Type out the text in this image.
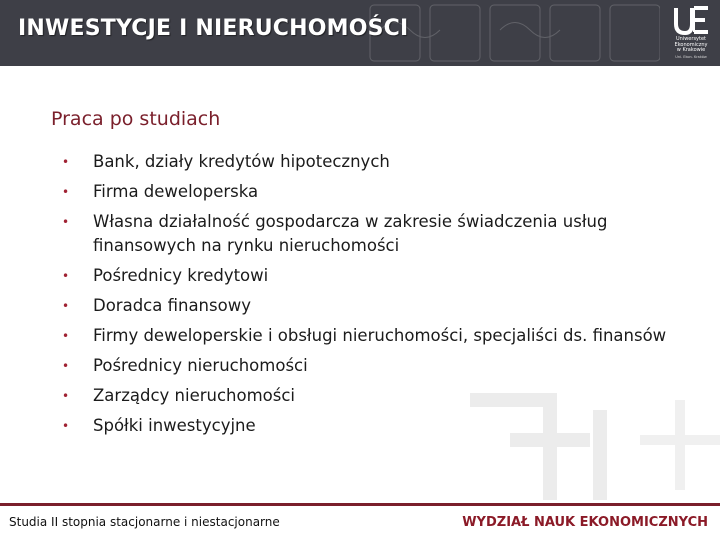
INWESTYCJE I NIERUCHOMOŚCI	Uniwersytet
Ekonomiczny
w Krakowie
Uni. Ekon. Kraków
Praca po studiach
• Bank, działy kredytów hipotecznych
• Firma deweloperska
• Własna działalność gospodarcza w zakresie świadczenia usług finansowych na rynku nieruchomości
• Pośrednicy kredytowi
• Doradca finansowy
• Firmy deweloperskie i obsługi nieruchomości, specjaliści ds. finansów
• Pośrednicy nieruchomości
• Zarządcy nieruchomości
• Spółki inwestycyjne
Studia II stopnia stacjonarne i niestacjonarne	WYDZIAŁ NAUK EKONOMICZNYCH
